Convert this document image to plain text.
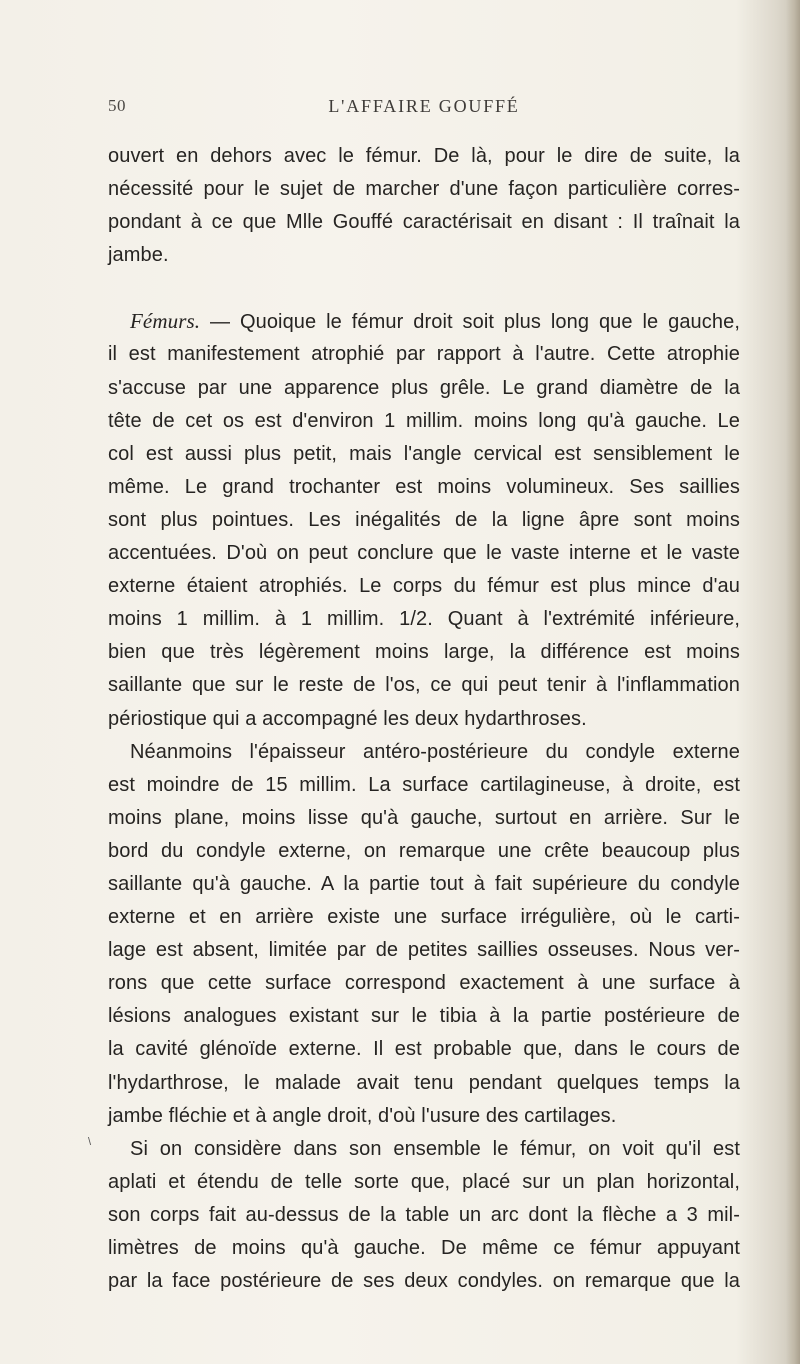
50	L'AFFAIRE GOUFFÉ
ouvert en dehors avec le fémur. De là, pour le dire de suite, la
nécessité pour le sujet de marcher d'une façon particulière corres-
pondant à ce que Mlle Gouffé caractérisait en disant : Il traînait la
jambe.
Fémurs. — Quoique le fémur droit soit plus long que le gauche,
il est manifestement atrophié par rapport à l'autre. Cette atrophie
s'accuse par une apparence plus grêle. Le grand diamètre de la
tête de cet os est d'environ 1 millim. moins long qu'à gauche. Le
col est aussi plus petit, mais l'angle cervical est sensiblement le
même. Le grand trochanter est moins volumineux. Ses saillies
sont plus pointues. Les inégalités de la ligne âpre sont moins
accentuées. D'où on peut conclure que le vaste interne et le vaste
externe étaient atrophiés. Le corps du fémur est plus mince d'au
moins 1 millim. à 1 millim. 1/2. Quant à l'extrémité inférieure,
bien que très légèrement moins large, la différence est moins
saillante que sur le reste de l'os, ce qui peut tenir à l'inflammation
périostique qui a accompagné les deux hydarthroses.
Néanmoins l'épaisseur antéro-postérieure du condyle externe
est moindre de 15 millim. La surface cartilagineuse, à droite, est
moins plane, moins lisse qu'à gauche, surtout en arrière. Sur le
bord du condyle externe, on remarque une crête beaucoup plus
saillante qu'à gauche. A la partie tout à fait supérieure du condyle
externe et en arrière existe une surface irrégulière, où le carti-
lage est absent, limitée par de petites saillies osseuses. Nous ver-
rons que cette surface correspond exactement à une surface à
lésions analogues existant sur le tibia à la partie postérieure de
la cavité glénoïde externe. Il est probable que, dans le cours de
l'hydarthrose, le malade avait tenu pendant quelques temps la
jambe fléchie et à angle droit, d'où l'usure des cartilages.
Si on considère dans son ensemble le fémur, on voit qu'il est
aplati et étendu de telle sorte que, placé sur un plan horizontal,
son corps fait au-dessus de la table un arc dont la flèche a 3 mil-
limètres de moins qu'à gauche. De même ce fémur appuyant
par la face postérieure de ses deux condyles. on remarque que la
\
